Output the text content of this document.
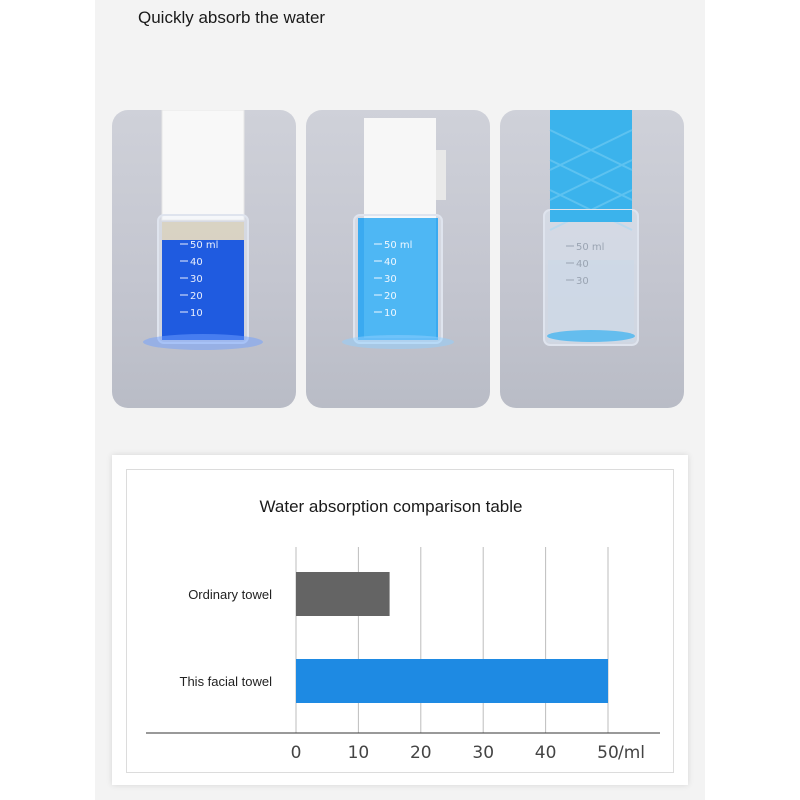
Quickly absorb the water
50 ml
40
30
20
10
50 ml
40
30
20
10
50 ml
40
30
Water absorption comparison table
Ordinary towel
This facial towel
0	10 20 30 40 50 /ml
